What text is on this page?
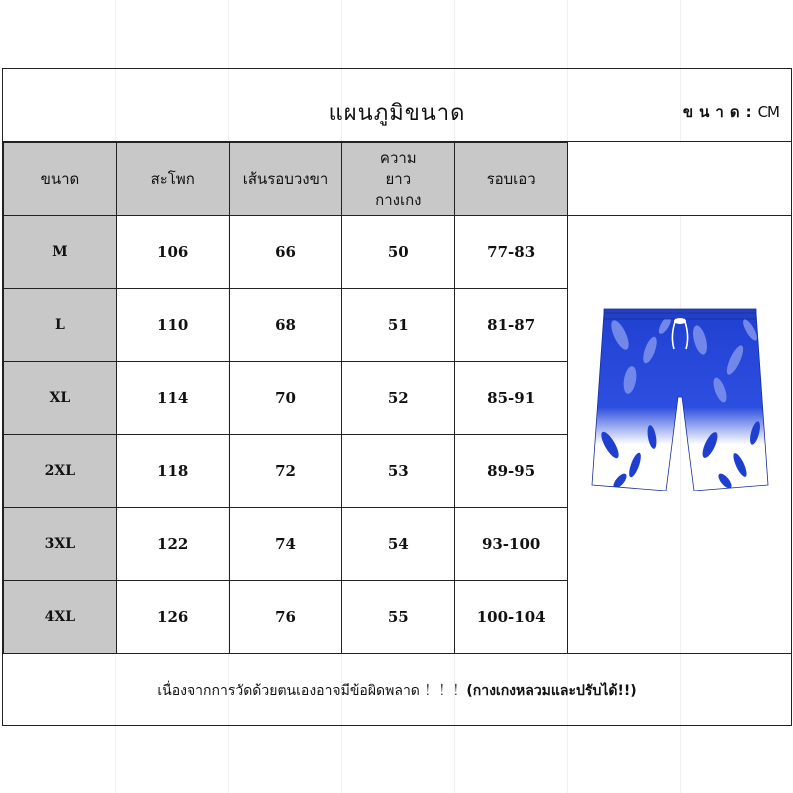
แผนภูมิขนาด	ขนาด:CM
ขนาด	สะโพก	เส้นรอบวงขา	ความยาว กางเกง	รอบเอว	
M	106	66	50	77-83	
L	110	68	51	81-87	
XL	114	70	52	85-91	
2XL	118	72	53	89-95	
3XL	122	74	54	93-100	
4XL	126	76	55	100-104	
เนื่องจากการวัดด้วยตนเองอาจมีข้อผิดพลาด ！！！(กางเกงหลวมและปรับได้!!)
